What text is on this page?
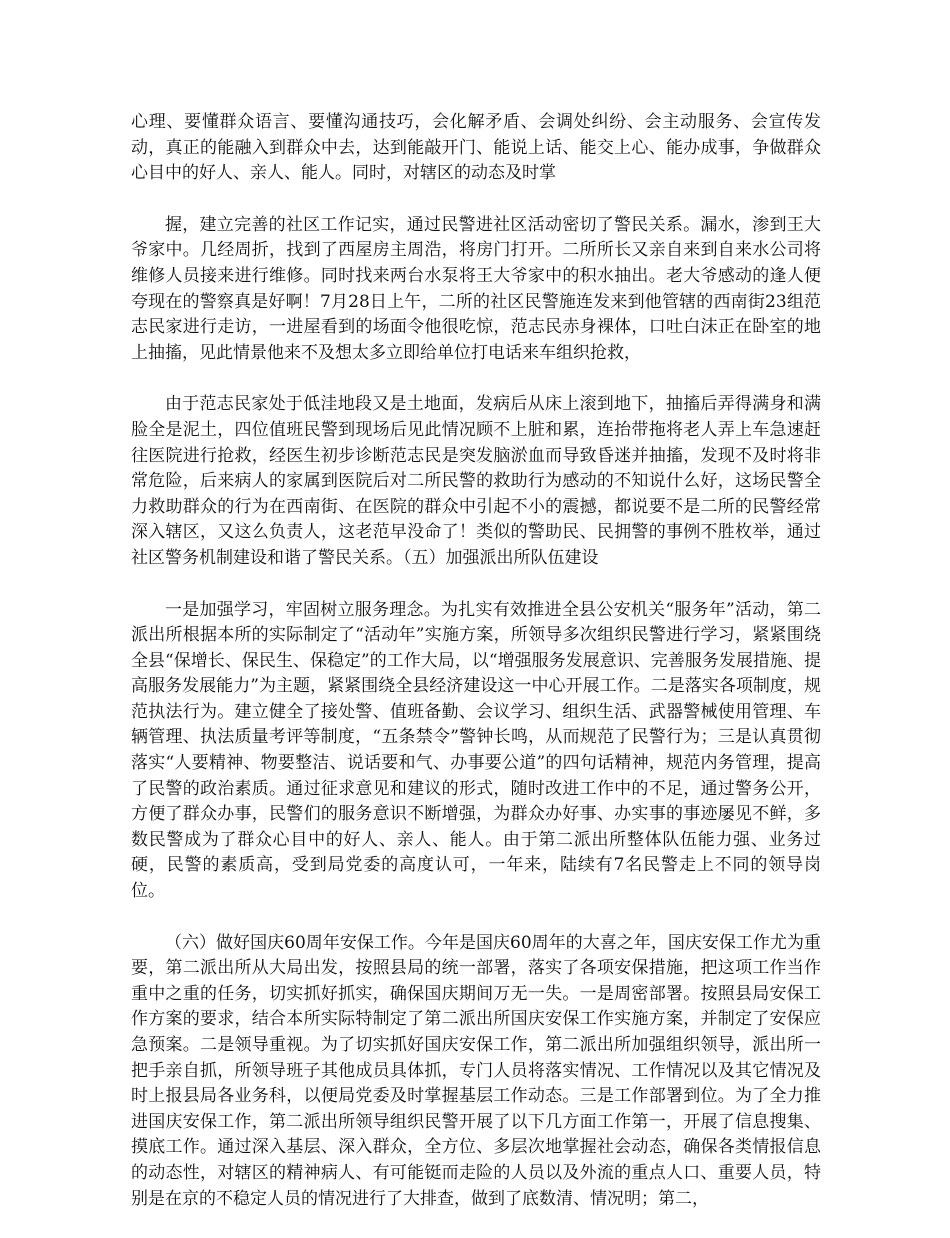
心理、要懂群众语言、要懂沟通技巧，会化解矛盾、会调处纠纷、会主动服务、会宣传发动，真正的能融入到群众中去，达到能敲开门、能说上话、能交上心、能办成事，争做群众心目中的好人、亲人、能人。同时，对辖区的动态及时掌

握，建立完善的社区工作记实，通过民警进社区活动密切了警民关系。漏水，渗到王大爷家中。几经周折，找到了西屋房主周浩，将房门打开。二所所长又亲自来到自来水公司将维修人员接来进行维修。同时找来两台水泵将王大爷家中的积水抽出。老大爷感动的逢人便夸现在的警察真是好啊！7月28日上午，二所的社区民警施连发来到他管辖的西南街23组范志民家进行走访，一进屋看到的场面令他很吃惊，范志民赤身裸体，口吐白沫正在卧室的地上抽搐，见此情景他来不及想太多立即给单位打电话来车组织抢救，

由于范志民家处于低洼地段又是土地面，发病后从床上滚到地下，抽搐后弄得满身和满脸全是泥土，四位值班民警到现场后见此情况顾不上脏和累，连抬带拖将老人弄上车急速赶往医院进行抢救，经医生初步诊断范志民是突发脑淤血而导致昏迷并抽搐，发现不及时将非常危险，后来病人的家属到医院后对二所民警的救助行为感动的不知说什么好，这场民警全力救助群众的行为在西南街、在医院的群众中引起不小的震撼，都说要不是二所的民警经常深入辖区，又这么负责人，这老范早没命了！类似的警助民、民拥警的事例不胜枚举，通过社区警务机制建设和谐了警民关系。（五）加强派出所队伍建设

一是加强学习，牢固树立服务理念。为扎实有效推进全县公安机关“服务年”活动，第二派出所根据本所的实际制定了“活动年”实施方案，所领导多次组织民警进行学习，紧紧围绕全县“保增长、保民生、保稳定”的工作大局，以“增强服务发展意识、完善服务发展措施、提高服务发展能力”为主题，紧紧围绕全县经济建设这一中心开展工作。二是落实各项制度，规范执法行为。建立健全了接处警、值班备勤、会议学习、组织生活、武器警械使用管理、车辆管理、执法质量考评等制度，“五条禁令”警钟长鸣，从而规范了民警行为；三是认真贯彻落实“人要精神、物要整洁、说话要和气、办事要公道”的四句话精神，规范内务管理，提高了民警的政治素质。通过征求意见和建议的形式，随时改进工作中的不足，通过警务公开，方便了群众办事，民警们的服务意识不断增强，为群众办好事、办实事的事迹屡见不鲜，多数民警成为了群众心目中的好人、亲人、能人。由于第二派出所整体队伍能力强、业务过硬，民警的素质高，受到局党委的高度认可，一年来，陆续有7名民警走上不同的领导岗位。

（六）做好国庆60周年安保工作。今年是国庆60周年的大喜之年，国庆安保工作尤为重要，第二派出所从大局出发，按照县局的统一部署，落实了各项安保措施，把这项工作当作重中之重的任务，切实抓好抓实，确保国庆期间万无一失。一是周密部署。按照县局安保工作方案的要求，结合本所实际特制定了第二派出所国庆安保工作实施方案，并制定了安保应急预案。二是领导重视。为了切实抓好国庆安保工作，第二派出所加强组织领导，派出所一把手亲自抓，所领导班子其他成员具体抓，专门人员将落实情况、工作情况以及其它情况及时上报县局各业务科，以便局党委及时掌握基层工作动态。三是工作部署到位。为了全力推进国庆安保工作，第二派出所领导组织民警开展了以下几方面工作第一，开展了信息搜集、摸底工作。通过深入基层、深入群众，全方位、多层次地掌握社会动态，确保各类情报信息的动态性，对辖区的精神病人、有可能铤而走险的人员以及外流的重点人口、重要人员，特别是在京的不稳定人员的情况进行了大排查，做到了底数清、情况明；第二，
